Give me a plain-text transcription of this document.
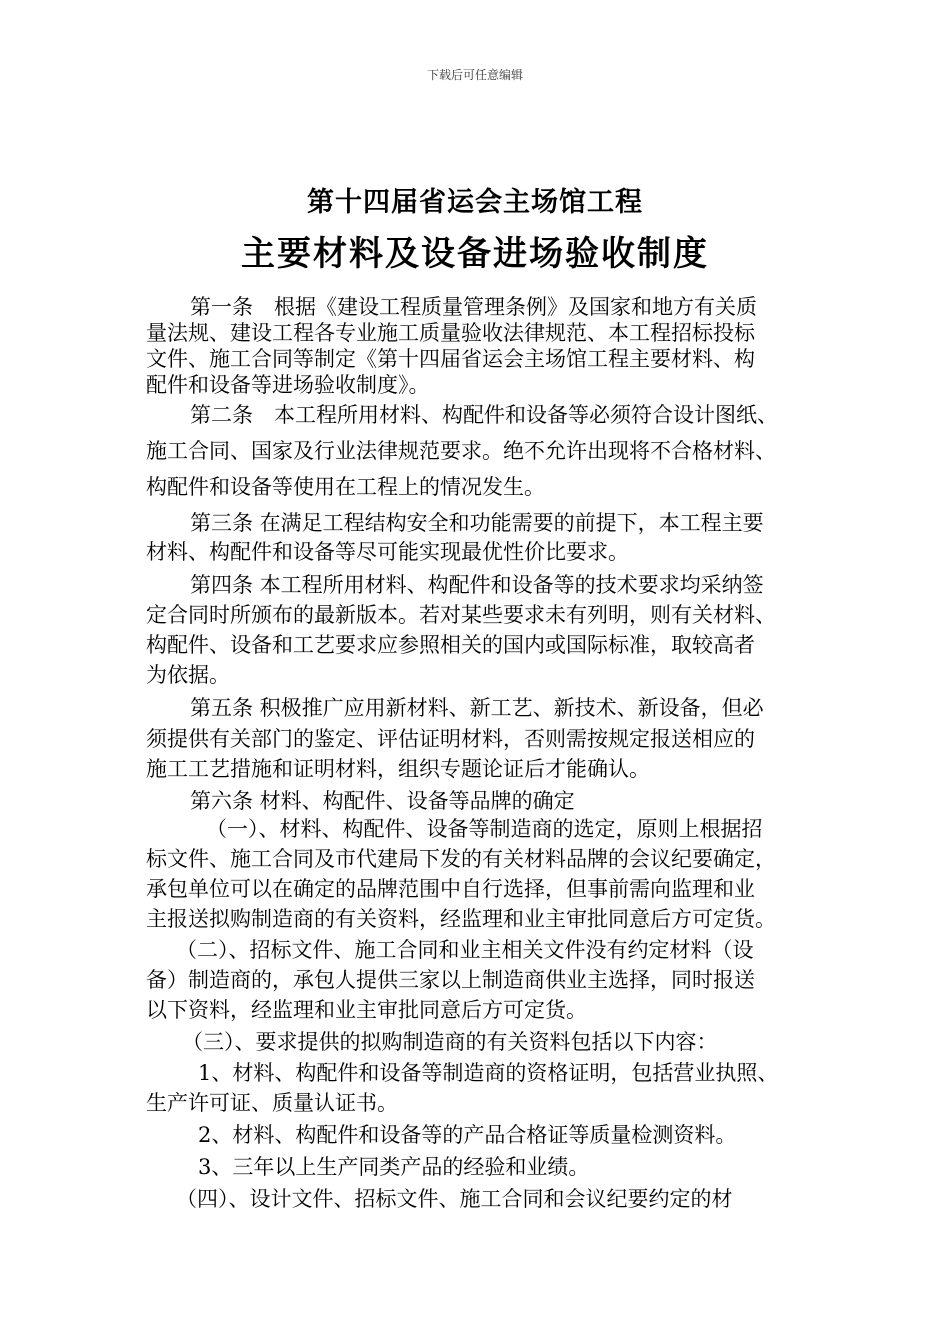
下载后可任意编辑
第十四届省运会主场馆工程
主要材料及设备进场验收制度
第一条　根据《建设工程质量管理条例》及国家和地方有关质
量法规、建设工程各专业施工质量验收法律规范、本工程招标投标
文件、施工合同等制定《第十四届省运会主场馆工程主要材料、构
配件和设备等进场验收制度》。
第二条　本工程所用材料、构配件和设备等必须符合设计图纸、
施工合同、国家及行业法律规范要求。绝不允许出现将不合格材料、
构配件和设备等使用在工程上的情况发生。
第三条 在满足工程结构安全和功能需要的前提下，本工程主要
材料、构配件和设备等尽可能实现最优性价比要求。
第四条 本工程所用材料、构配件和设备等的技术要求均采纳签
定合同时所颁布的最新版本。若对某些要求未有列明，则有关材料、
构配件、设备和工艺要求应参照相关的国内或国际标准，取较高者
为依据。
第五条 积极推广应用新材料、新工艺、新技术、新设备，但必
须提供有关部门的鉴定、评估证明材料，否则需按规定报送相应的
施工工艺措施和证明材料，组织专题论证后才能确认。
第六条 材料、构配件、设备等品牌的确定
（一）、材料、构配件、设备等制造商的选定，原则上根据招
标文件、施工合同及市代建局下发的有关材料品牌的会议纪要确定，
承包单位可以在确定的品牌范围中自行选择，但事前需向监理和业
主报送拟购制造商的有关资料，经监理和业主审批同意后方可定货。
（二）、招标文件、施工合同和业主相关文件没有约定材料（设
备）制造商的，承包人提供三家以上制造商供业主选择，同时报送
以下资料，经监理和业主审批同意后方可定货。
（三）、要求提供的拟购制造商的有关资料包括以下内容：
1、材料、构配件和设备等制造商的资格证明，包括营业执照、
生产许可证、质量认证书。
2、材料、构配件和设备等的产品合格证等质量检测资料。
3、三年以上生产同类产品的经验和业绩。
（四）、设计文件、招标文件、施工合同和会议纪要约定的材
